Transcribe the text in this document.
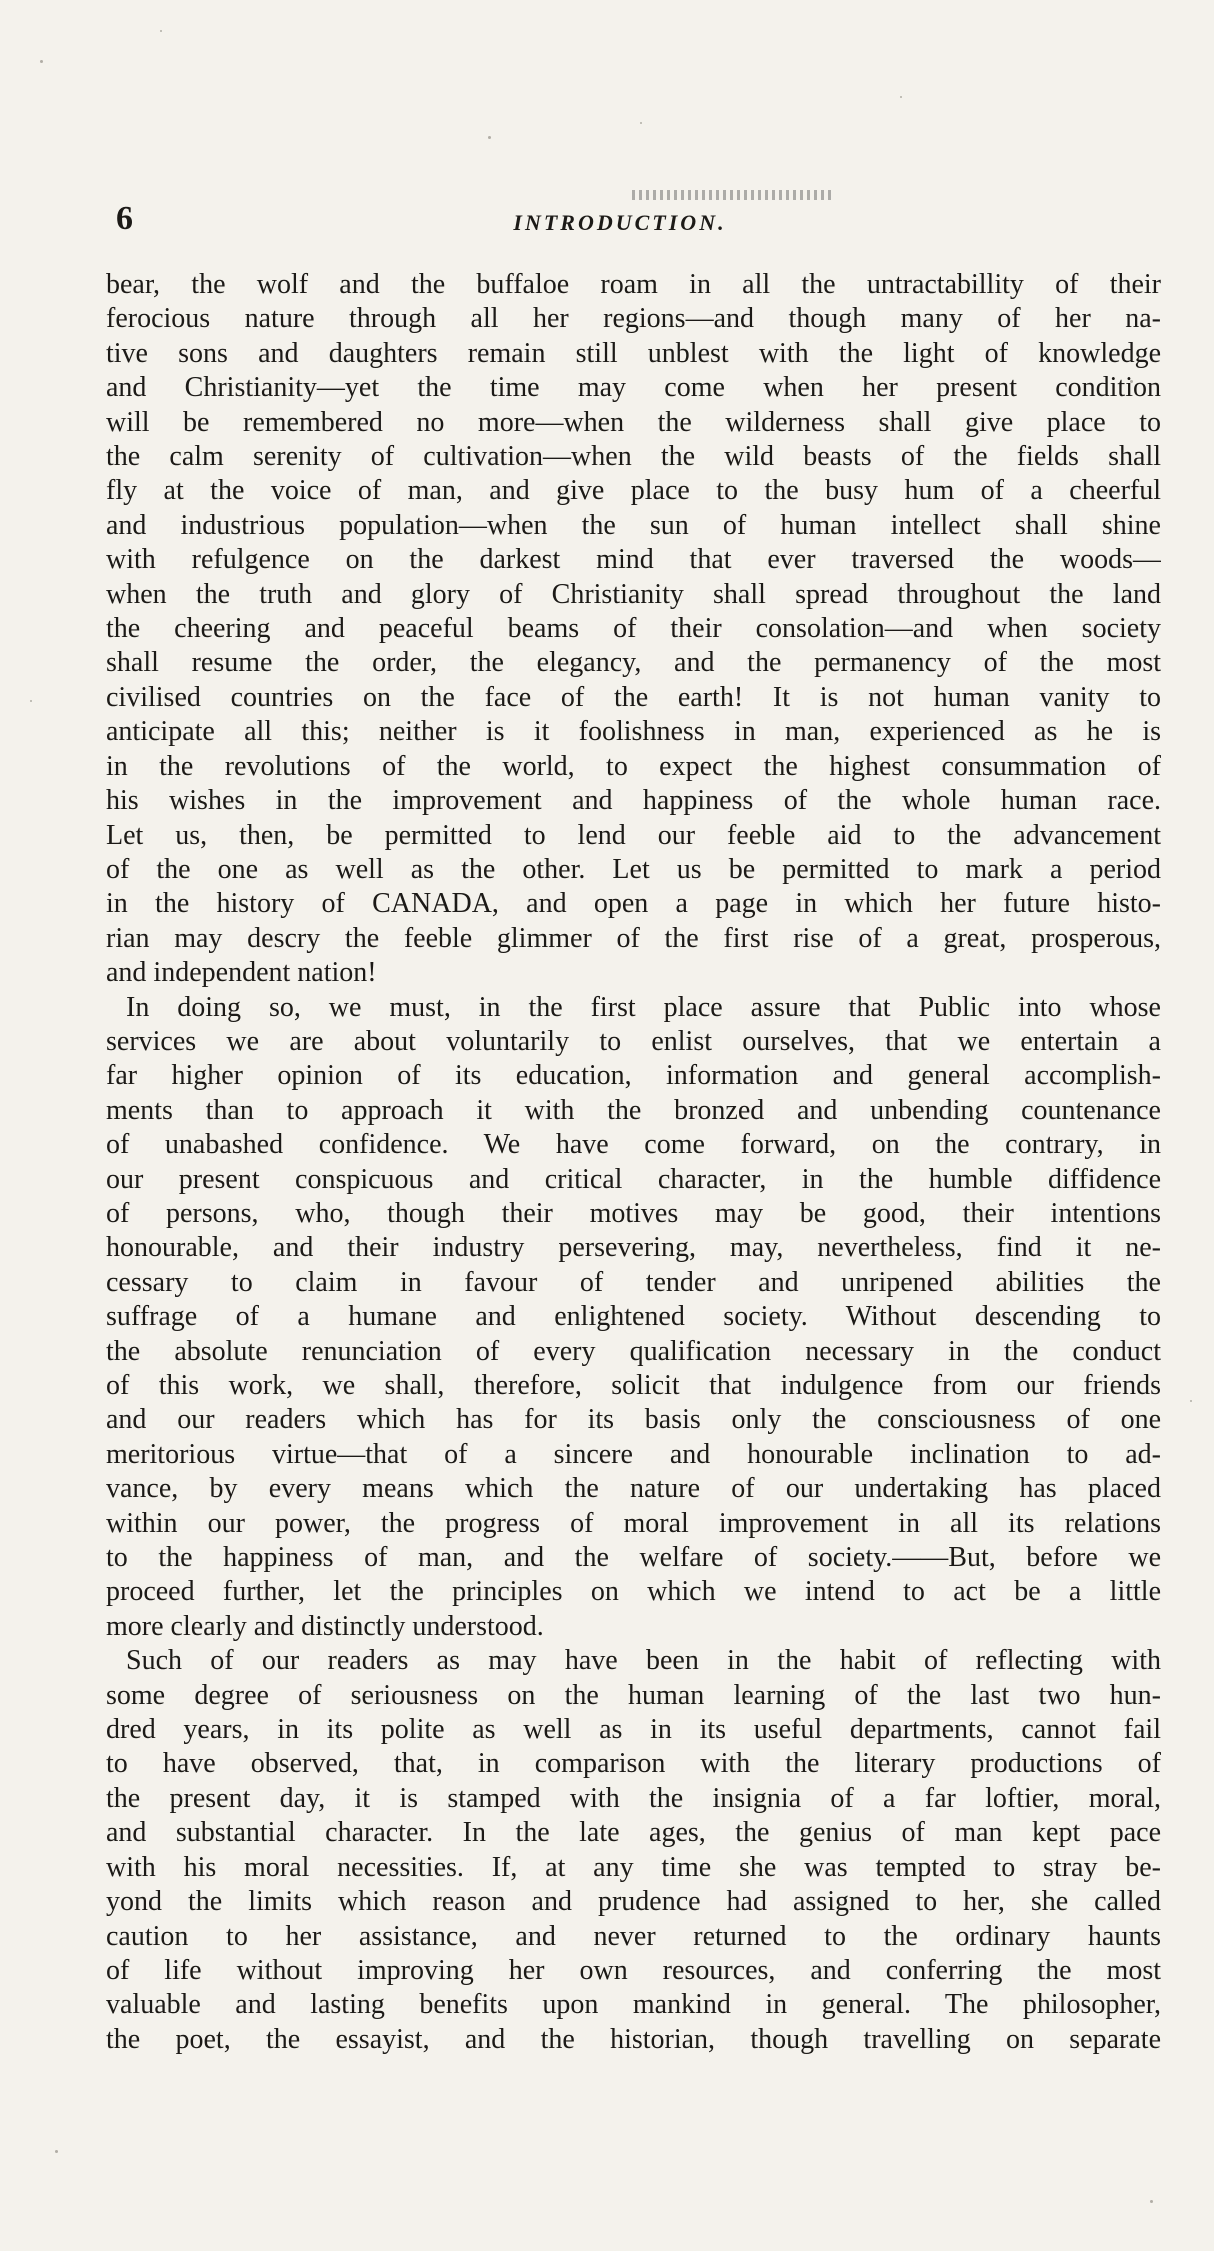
6	INTRODUCTION.
bear, the wolf and the buffaloe roam in all the untractabillity of their
ferocious nature through all her regions—and though many of her na-
tive sons and daughters remain still unblest with the light of knowledge
and Christianity—yet the time may come when her present condition
will be remembered no more—when the wilderness shall give place to
the calm serenity of cultivation—when the wild beasts of the fields shall
fly at the voice of man, and give place to the busy hum of a cheerful
and industrious population—when the sun of human intellect shall shine
with refulgence on the darkest mind that ever traversed the woods—
when the truth and glory of Christianity shall spread throughout the land
the cheering and peaceful beams of their consolation—and when society
shall resume the order, the elegancy, and the permanency of the most
civilised countries on the face of the earth! It is not human vanity to
anticipate all this; neither is it foolishness in man, experienced as he is
in the revolutions of the world, to expect the highest consummation of
his wishes in the improvement and happiness of the whole human race.
Let us, then, be permitted to lend our feeble aid to the advancement
of the one as well as the other. Let us be permitted to mark a period
in the history of CANADA, and open a page in which her future histo-
rian may descry the feeble glimmer of the first rise of a great, prosperous,
and independent nation!
In doing so, we must, in the first place assure that Public into whose
services we are about voluntarily to enlist ourselves, that we entertain a
far higher opinion of its education, information and general accomplish-
ments than to approach it with the bronzed and unbending countenance
of unabashed confidence. We have come forward, on the contrary, in
our present conspicuous and critical character, in the humble diffidence
of persons, who, though their motives may be good, their intentions
honourable, and their industry persevering, may, nevertheless, find it ne-
cessary to claim in favour of tender and unripened abilities the
suffrage of a humane and enlightened society. Without descending to
the absolute renunciation of every qualification necessary in the conduct
of this work, we shall, therefore, solicit that indulgence from our friends
and our readers which has for its basis only the consciousness of one
meritorious virtue—that of a sincere and honourable inclination to ad-
vance, by every means which the nature of our undertaking has placed
within our power, the progress of moral improvement in all its relations
to the happiness of man, and the welfare of society.——But, before we
proceed further, let the principles on which we intend to act be a little
more clearly and distinctly understood.
Such of our readers as may have been in the habit of reflecting with
some degree of seriousness on the human learning of the last two hun-
dred years, in its polite as well as in its useful departments, cannot fail
to have observed, that, in comparison with the literary productions of
the present day, it is stamped with the insignia of a far loftier, moral,
and substantial character. In the late ages, the genius of man kept pace
with his moral necessities. If, at any time she was tempted to stray be-
yond the limits which reason and prudence had assigned to her, she called
caution to her assistance, and never returned to the ordinary haunts
of life without improving her own resources, and conferring the most
valuable and lasting benefits upon mankind in general. The philosopher,
the poet, the essayist, and the historian, though travelling on separate
